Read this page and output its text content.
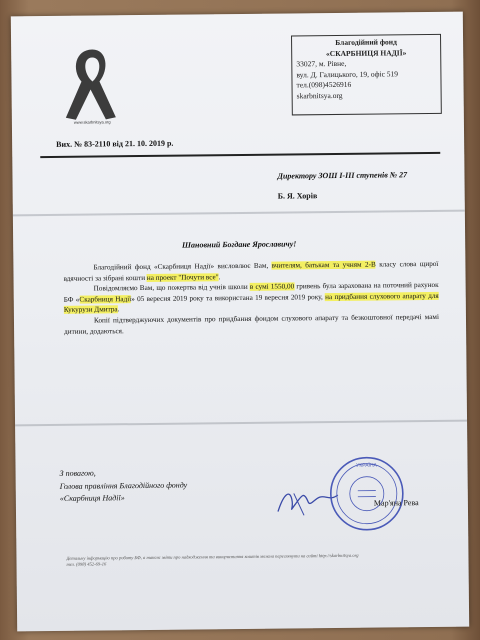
www.skarbnitsya.org
Благодійний фонд
«СКАРБНИЦЯ НАДІЇ»
33027, м. Рівне,
вул. Д. Галицького, 19, офіс 519
тел.(098)4526916
skarbnitsya.org
Вих. № 83-2110 від 21. 10. 2019 р.
Директору ЗОШ І-ІІІ ступенів № 27
Б. Я. Хорів
Шановний Богдане Ярославичу!

Благодійний фонд «Скарбниця Надії» висловлює Вам, вчителям, батькам та учням 2-В класу слова щирої вдячності за зібрані кошти на проект "Почути все".

Повідомляємо Вам, що пожертва від учнів школи в сумі 1550,00 гривень була зарахована на поточний рахунок БФ «Скарбниця Надії» 05 вересня 2019 року та використана 19 вересня 2019 року, на придбання слухового апарату для Кукурузи Дмитра.

Копії підтверджуючих документів про придбання фондом слухового апарату та безкоштовної передачі мамі дитини, додаються.

З повагою,
Голова правління Благодійного фонду
«Скарбниця Надії»
УКРАЇНА
Мар'яна Рева
Детальну інформацію про роботу БФ, а також звіти про надходження та використання коштів можна переглянути на сайті http://skarbnitsya.org
тел. (098) 452-69-16
